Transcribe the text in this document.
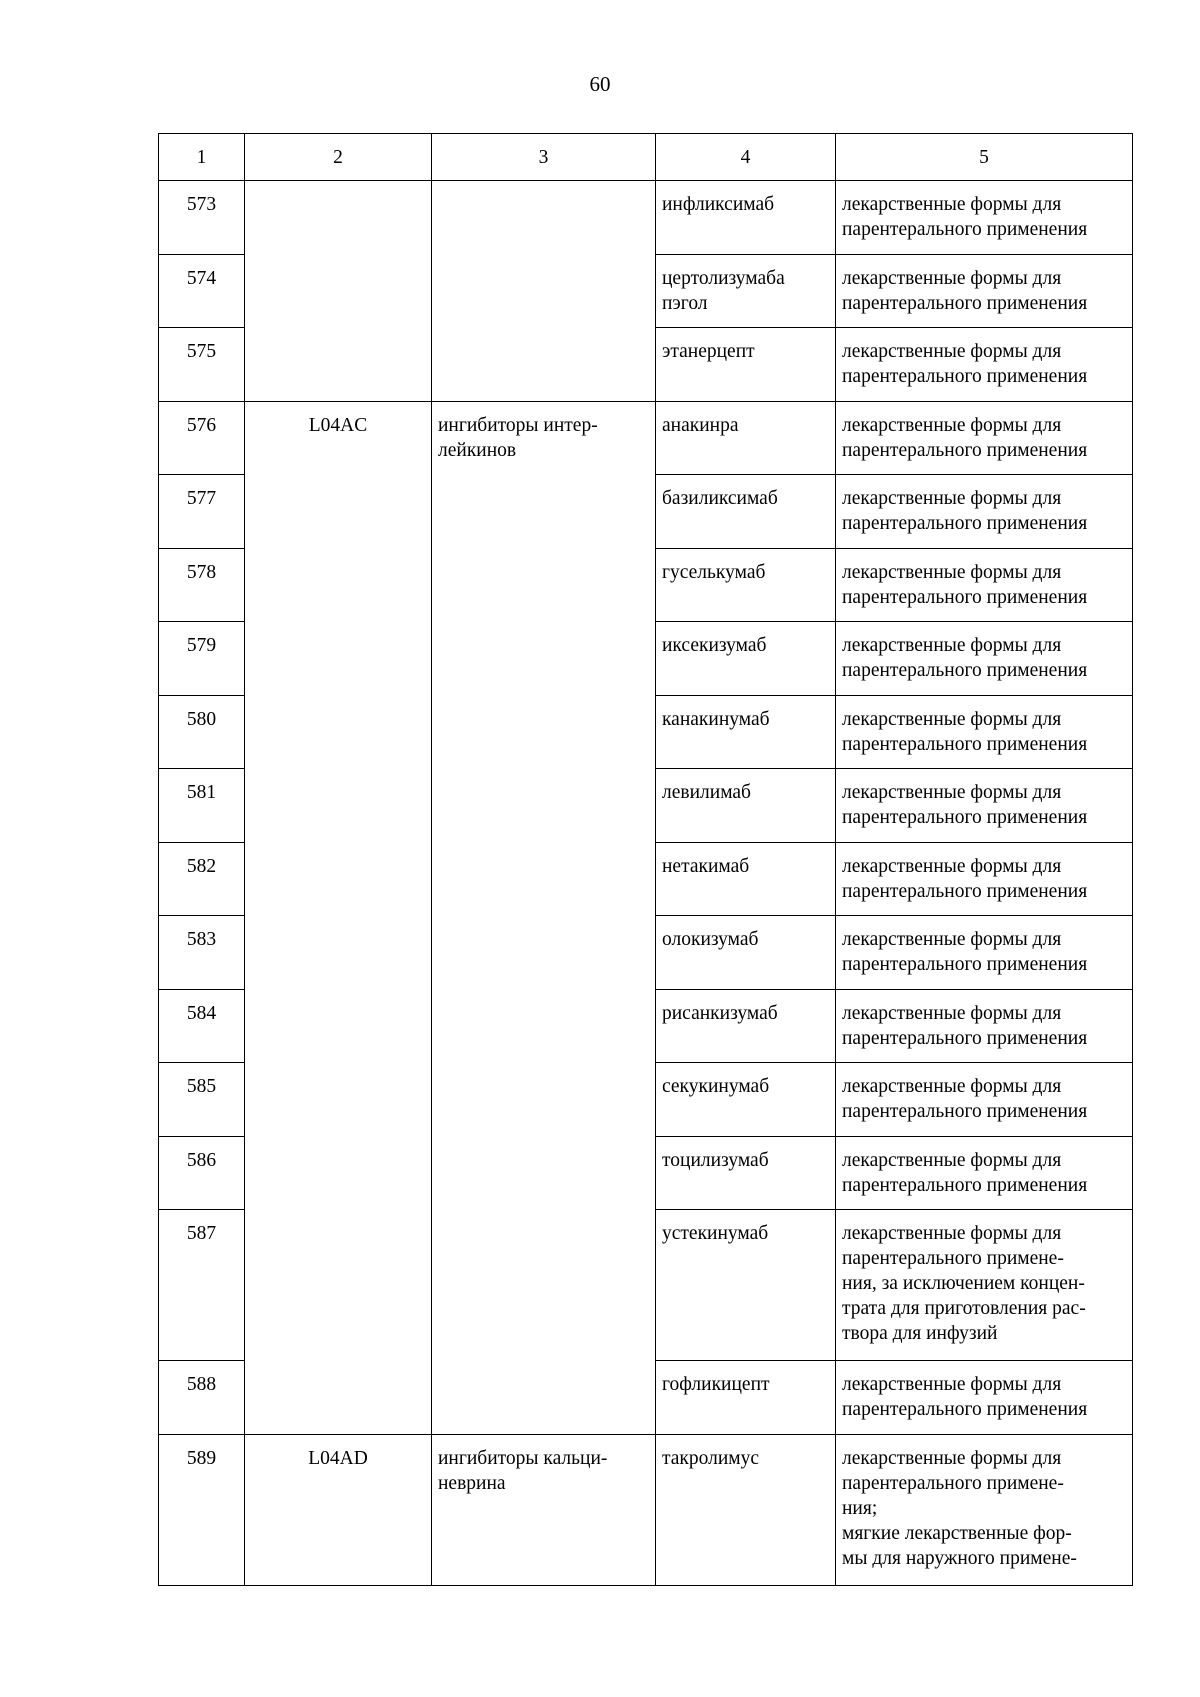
60
1	2	3	4	5
573			инфликсимаб	лекарственные формы для
парентерального применения
574			цертолизумаба
пэгол	лекарственные формы для
парентерального применения
575			этанерцепт	лекарственные формы для
парентерального применения
576	L04AC	ингибиторы интер-
лейкинов	анакинра	лекарственные формы для
парентерального применения
577			базиликсимаб	лекарственные формы для
парентерального применения
578			гуселькумаб	лекарственные формы для
парентерального применения
579			иксекизумаб	лекарственные формы для
парентерального применения
580			канакинумаб	лекарственные формы для
парентерального применения
581			левилимаб	лекарственные формы для
парентерального применения
582			нетакимаб	лекарственные формы для
парентерального применения
583			олокизумаб	лекарственные формы для
парентерального применения
584			рисанкизумаб	лекарственные формы для
парентерального применения
585			секукинумаб	лекарственные формы для
парентерального применения
586			тоцилизумаб	лекарственные формы для
парентерального применения
587			устекинумаб	лекарственные формы для
парентерального примене-
ния, за исключением концен-
трата для приготовления рас-
твора для инфузий
588			гофликицепт	лекарственные формы для
парентерального применения
589	L04AD	ингибиторы кальци-
неврина	такролимус	лекарственные формы для
парентерального примене-
ния;
мягкие лекарственные фор-
мы для наружного примене-
